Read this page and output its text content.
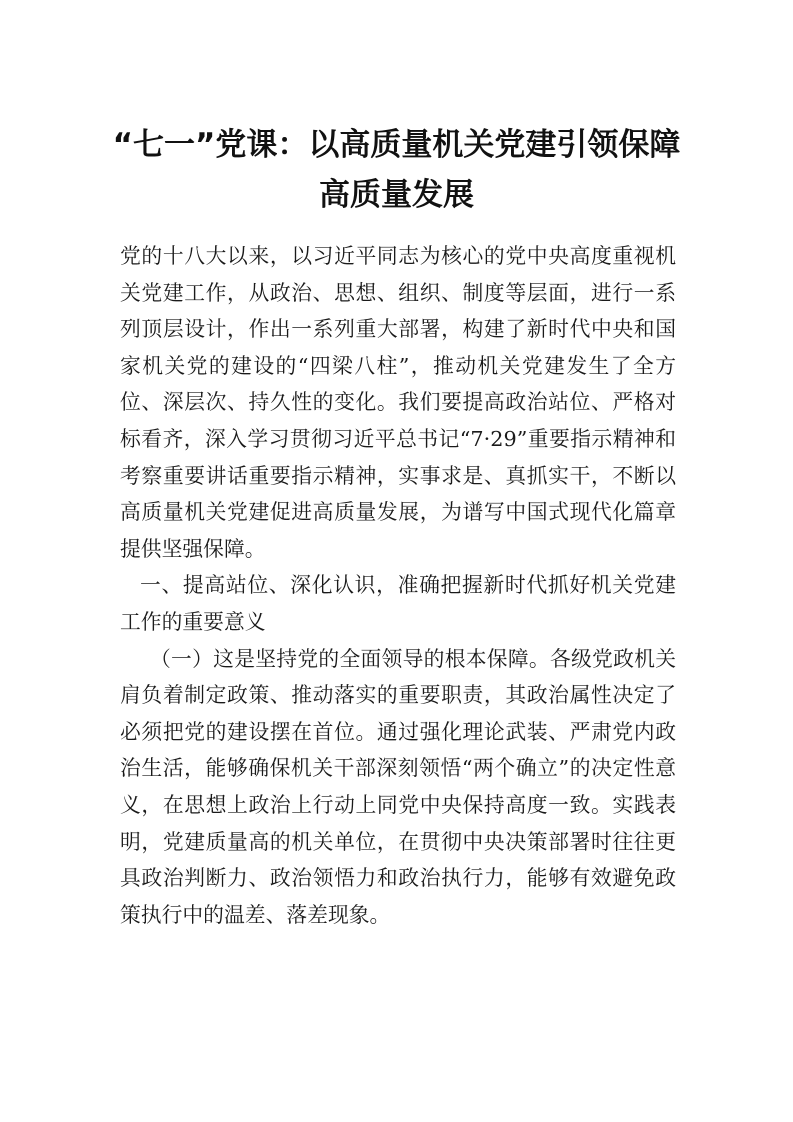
“七一”党课：以高质量机关党建引领保障
高质量发展

党的十八大以来，以习近平同志为核心的党中央高度重视机关党建工作，从政治、思想、组织、制度等层面，进行一系列顶层设计，作出一系列重大部署，构建了新时代中央和国家机关党的建设的“四梁八柱”，推动机关党建发生了全方位、深层次、持久性的变化。我们要提高政治站位、严格对标看齐，深入学习贯彻习近平总书记“7·29”重要指示精神和考察重要讲话重要指示精神，实事求是、真抓实干，不断以高质量机关党建促进高质量发展，为谱写中国式现代化篇章提供坚强保障。

一、提高站位、深化认识，准确把握新时代抓好机关党建工作的重要意义

（一）这是坚持党的全面领导的根本保障。各级党政机关肩负着制定政策、推动落实的重要职责，其政治属性决定了必须把党的建设摆在首位。通过强化理论武装、严肃党内政治生活，能够确保机关干部深刻领悟“两个确立”的决定性意义，在思想上政治上行动上同党中央保持高度一致。实践表明，党建质量高的机关单位，在贯彻中央决策部署时往往更具政治判断力、政治领悟力和政治执行力，能够有效避免政策执行中的温差、落差现象。
